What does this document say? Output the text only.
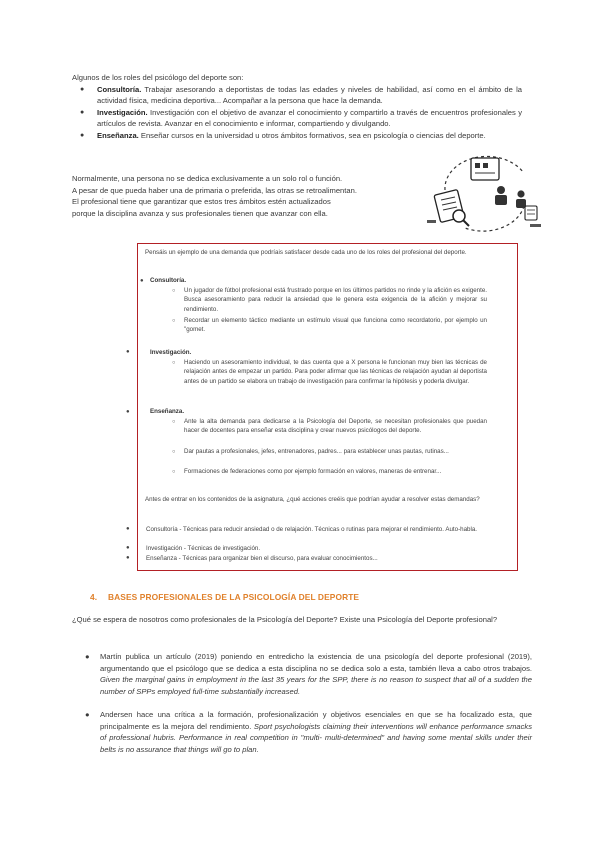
Algunos de los roles del psicólogo del deporte son:

● Consultoría. Trabajar asesorando a deportistas de todas las edades y niveles de habilidad, así como en el ámbito de la actividad física, medicina deportiva... Acompañar a la persona que hace la demanda.
● Investigación. Investigación con el objetivo de avanzar el conocimiento y compartirlo a través de encuentros profesionales y artículos de revista. Avanzar en el conocimiento e informar, compartiendo y divulgando.
● Enseñanza. Enseñar cursos en la universidad u otros ámbitos formativos, sea en psicología o ciencias del deporte.
Normalmente, una persona no se dedica exclusivamente a un solo rol o función.
A pesar de que pueda haber una de primaria o preferida, las otras se retroalimentan.
El profesional tiene que garantizar que estos tres ámbitos estén actualizados
porque la disciplina avanza y sus profesionales tienen que avanzar con ella.
Pensáis un ejemplo de una demanda que podríais satisfacer desde cada uno de los roles del profesional del deporte.
● Consultoría.
○ Un jugador de fútbol profesional está frustrado porque en los últimos partidos no rinde y la afición es exigente. Busca asesoramiento para reducir la ansiedad que le genera esta exigencia de la afición y mejorar su rendimiento.
○ Recordar un elemento táctico mediante un estímulo visual que funciona como recordatorio, por ejemplo un "gomet.
●	Investigación.
○ Haciendo un asesoramiento individual, te das cuenta que a X persona le funcionan muy bien las técnicas de relajación antes de empezar un partido. Para poder afirmar que las técnicas de relajación ayudan al deportista antes de un partido se elabora un trabajo de investigación para confirmar la hipótesis y poderla divulgar.
●	Enseñanza.
○ Ante la alta demanda para dedicarse a la Psicología del Deporte, se necesitan profesionales que puedan hacer de docentes para enseñar esta disciplina y crear nuevos psicólogos del deporte.
○ Dar pautas a profesionales, jefes, entrenadores, padres... para establecer unas pautas, rutinas...
○ Formaciones de federaciones como por ejemplo formación en valores, maneras de entrenar...
Antes de entrar en los contenidos de la asignatura, ¿qué acciones creéis que podrían ayudar a resolver estas demandas?
●	Consultoría - Técnicas para reducir ansiedad o de relajación. Técnicas o rutinas para mejorar el rendimiento. Auto-habla.
●	Investigación - Técnicas de investigación.
●	Enseñanza - Técnicas para organizar bien el discurso, para evaluar conocimientos...
4. BASES PROFESIONALES DE LA PSICOLOGÍA DEL DEPORTE
¿Qué se espera de nosotros como profesionales de la Psicología del Deporte? Existe una Psicología del Deporte profesional?
●	Martín publica un artículo (2019) poniendo en entredicho la existencia de una psicología del deporte profesional (2019), argumentando que el psicólogo que se dedica a esta disciplina no se dedica solo a esta, también lleva a cabo otros trabajos. Given the marginal gains in employment in the last 35 years for the SPP, there is no reason to suspect that all of a sudden the number of SPPs employed full-time substantially increased.
●	Andersen hace una crítica a la formación, profesionalización y objetivos esenciales en que se ha focalizado esta, que principalmente es la mejora del rendimiento. Sport psychologists claiming their interventions will enhance performance smacks of professional hubris. Performance in real competition in "multi- multi-determined" and having some mental skills under their belts is no assurance that things will go to plan.
